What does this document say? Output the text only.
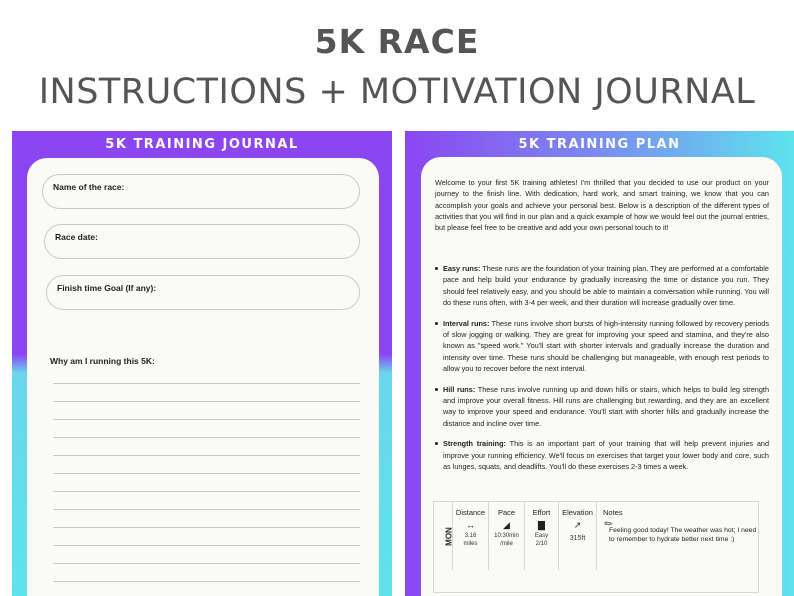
5K RACE
INSTRUCTIONS + MOTIVATION JOURNAL
5K TRAINING JOURNAL
Name of the race:
Race date:
Finish time Goal (If any):
Why am I running this 5K:
5K TRAINING PLAN

Welcome to your first 5K training athletes! I'm thrilled that you decided to use our product on your journey to the finish line. With dedication, hard work, and smart training, we know that you can accomplish your goals and achieve your personal best. Below is a description of the different types of activities that you will find in our plan and a quick example of how we would feel out the journal entries, but please feel free to be creative and add your own personal touch to it!

Easy runs: These runs are the foundation of your training plan. They are performed at a comfortable pace and help build your endurance by gradually increasing the time or distance you run. They should feel relatively easy, and you should be able to maintain a conversation while running. You will do these runs often, with 3-4 per week, and their duration will increase gradually over time.
Interval runs: These runs involve short bursts of high-intensity running followed by recovery periods of slow jogging or walking. They are great for improving your speed and stamina, and they're also known as "speed work." You'll start with shorter intervals and gradually increase the duration and intensity over time. These runs should be challenging but manageable, with enough rest periods to allow you to recover before the next interval.
Hill runs: These runs involve running up and down hills or stairs, which helps to build leg strength and improve your overall fitness. Hill runs are challenging but rewarding, and they are an excellent way to improve your speed and endurance. You'll start with shorter hills and gradually increase the distance and incline over time.
Strength training: This is an important part of your training that will help prevent injuries and improve your running efficiency. We'll focus on exercises that target your lower body and core, such as lunges, squats, and deadlifts. You'll do these exercises 2-3 times a week.
MON
Distance
↔
3.16
miles
Pace
◢
10:30min
/mile
Effort
▇
Easy
2/10
Elevation
↗
315ft
Notes
✎
Feeling good today! The weather was hot; I need to remember to hydrate better next time :)
